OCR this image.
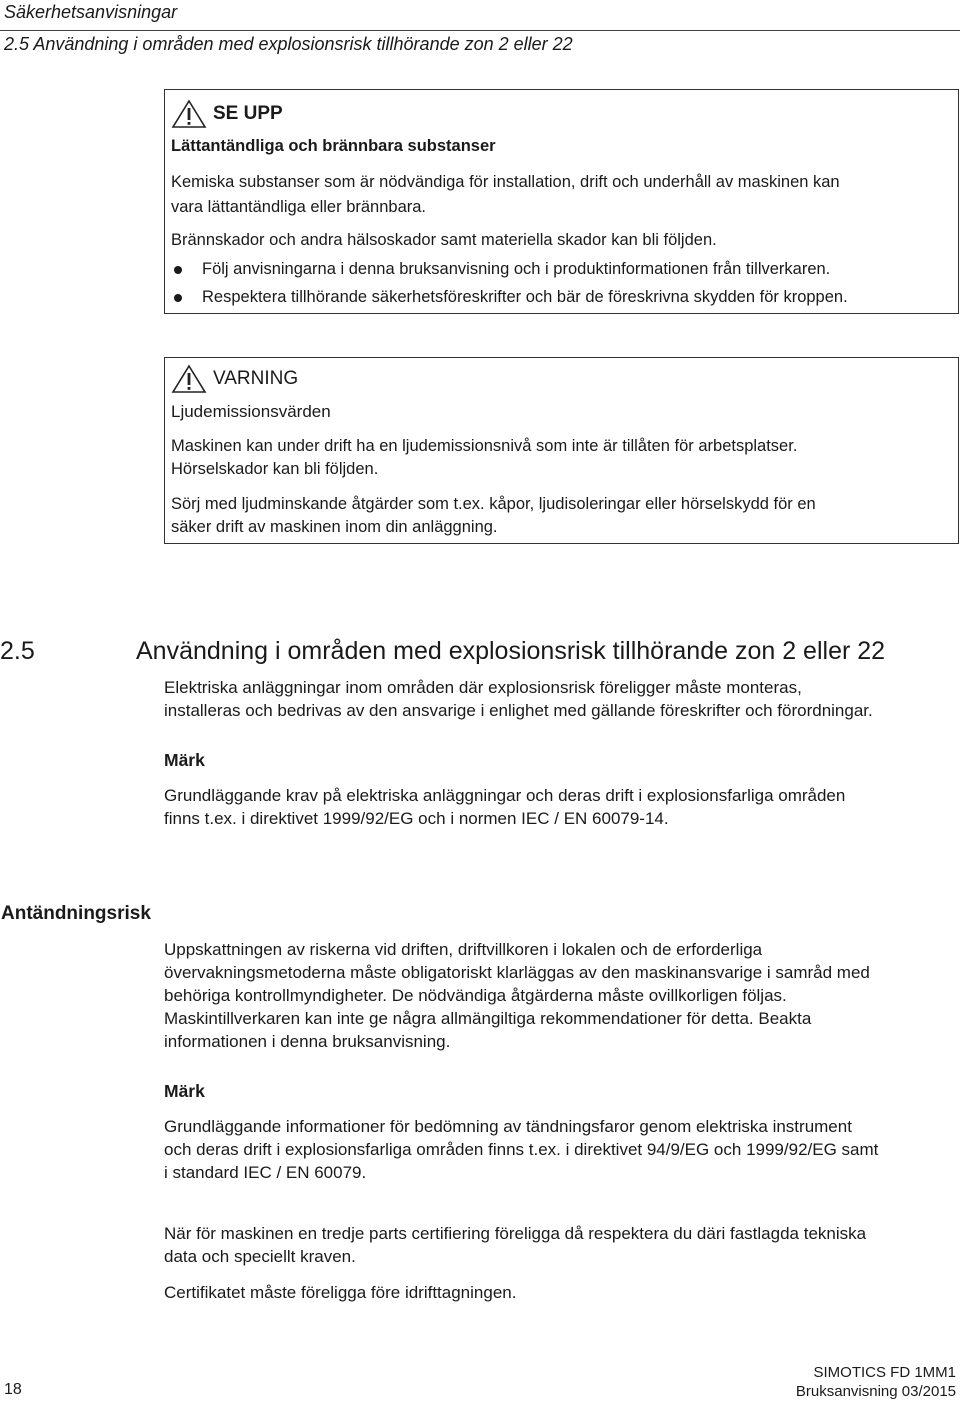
Säkerhetsanvisningar
2.5 Användning i områden med explosionsrisk tillhörande zon 2 eller 22
SE UPP
Lättantändliga och brännbara substanser
Kemiska substanser som är nödvändiga för installation, drift och underhåll av maskinen kan
vara lättantändliga eller brännbara.
Brännskador och andra hälsoskador samt materiella skador kan bli följden.
Följ anvisningarna i denna bruksanvisning och i produktinformationen från tillverkaren.
Respektera tillhörande säkerhetsföreskrifter och bär de föreskrivna skydden för kroppen.
VARNING
Ljudemissionsvärden
Maskinen kan under drift ha en ljudemissionsnivå som inte är tillåten för arbetsplatser.
Hörselskador kan bli följden.
Sörj med ljudminskande åtgärder som t.ex. kåpor, ljudisoleringar eller hörselskydd för en
säker drift av maskinen inom din anläggning.
2.5	Användning i områden med explosionsrisk tillhörande zon 2 eller 22
Elektriska anläggningar inom områden där explosionsrisk föreligger måste monteras,
installeras och bedrivas av den ansvarige i enlighet med gällande föreskrifter och förordningar.
Märk
Grundläggande krav på elektriska anläggningar och deras drift i explosionsfarliga områden
finns t.ex. i direktivet 1999/92/EG och i normen IEC / EN 60079-14.
Antändningsrisk
Uppskattningen av riskerna vid driften, driftvillkoren i lokalen och de erforderliga
övervakningsmetoderna måste obligatoriskt klarläggas av den maskinansvarige i samråd med
behöriga kontrollmyndigheter. De nödvändiga åtgärderna måste ovillkorligen följas.
Maskintillverkaren kan inte ge några allmängiltiga rekommendationer för detta. Beakta
informationen i denna bruksanvisning.
Märk
Grundläggande informationer för bedömning av tändningsfaror genom elektriska instrument
och deras drift i explosionsfarliga områden finns t.ex. i direktivet 94/9/EG och 1999/92/EG samt
i standard IEC / EN 60079.
När för maskinen en tredje parts certifiering föreligga då respektera du däri fastlagda tekniska
data och speciellt kraven.
Certifikatet måste föreligga före idrifttagningen.
18
SIMOTICS FD 1MM1
Bruksanvisning 03/2015
